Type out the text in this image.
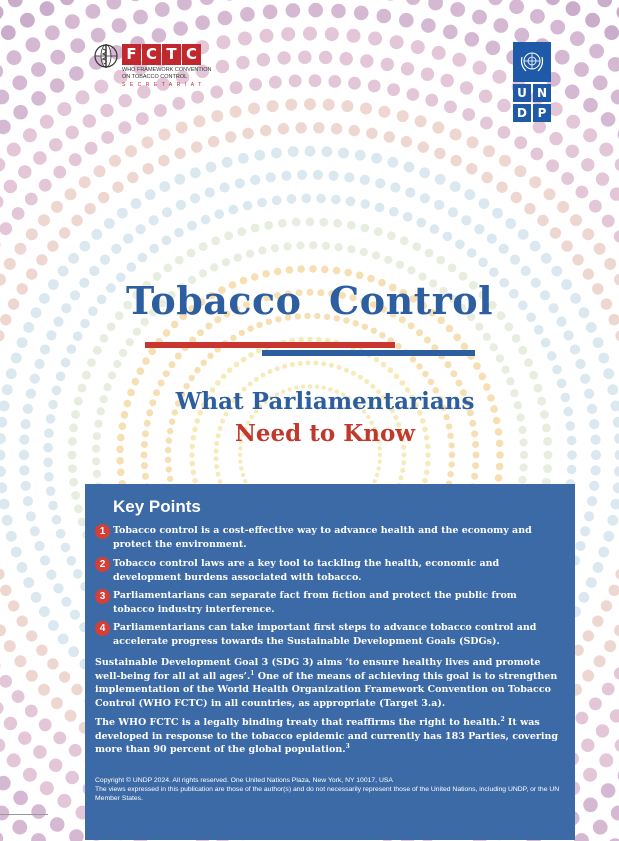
F C T C
WHO FRAMEWORK CONVENTION
ON TOBACCO CONTROL
SECRETARIAT
U N
D P
Tobacco  Control
What Parliamentarians
Need to Know
Key Points
1 Tobacco control is a cost-effective way to advance health and the economy and protect the environment.
2 Tobacco control laws are a key tool to tackling the health, economic and development burdens associated with tobacco.
3 Parliamentarians can separate fact from fiction and protect the public from tobacco industry interference.
4 Parliamentarians can take important first steps to advance tobacco control and accelerate progress towards the Sustainable Development Goals (SDGs).
Sustainable Development Goal 3 (SDG 3) aims ‘to ensure healthy lives and promote well-being for all at all ages’.$^1$ One of the means of achieving this goal is to strengthen implementation of the World Health Organization Framework Convention on Tobacco Control (WHO FCTC) in all countries, as appropriate (Target 3.a).
The WHO FCTC is a legally binding treaty that reaffirms the right to health.$^2$ It was developed in response to the tobacco epidemic and currently has 183 Parties, covering more than 90 percent of the global population.$^3$
Copyright © UNDP 2024. All rights reserved. One United Nations Plaza, New York, NY 10017, USA
The views expressed in this publication are those of the author(s) and do not necessarily represent those of the United Nations, including UNDP, or the UN Member States.
